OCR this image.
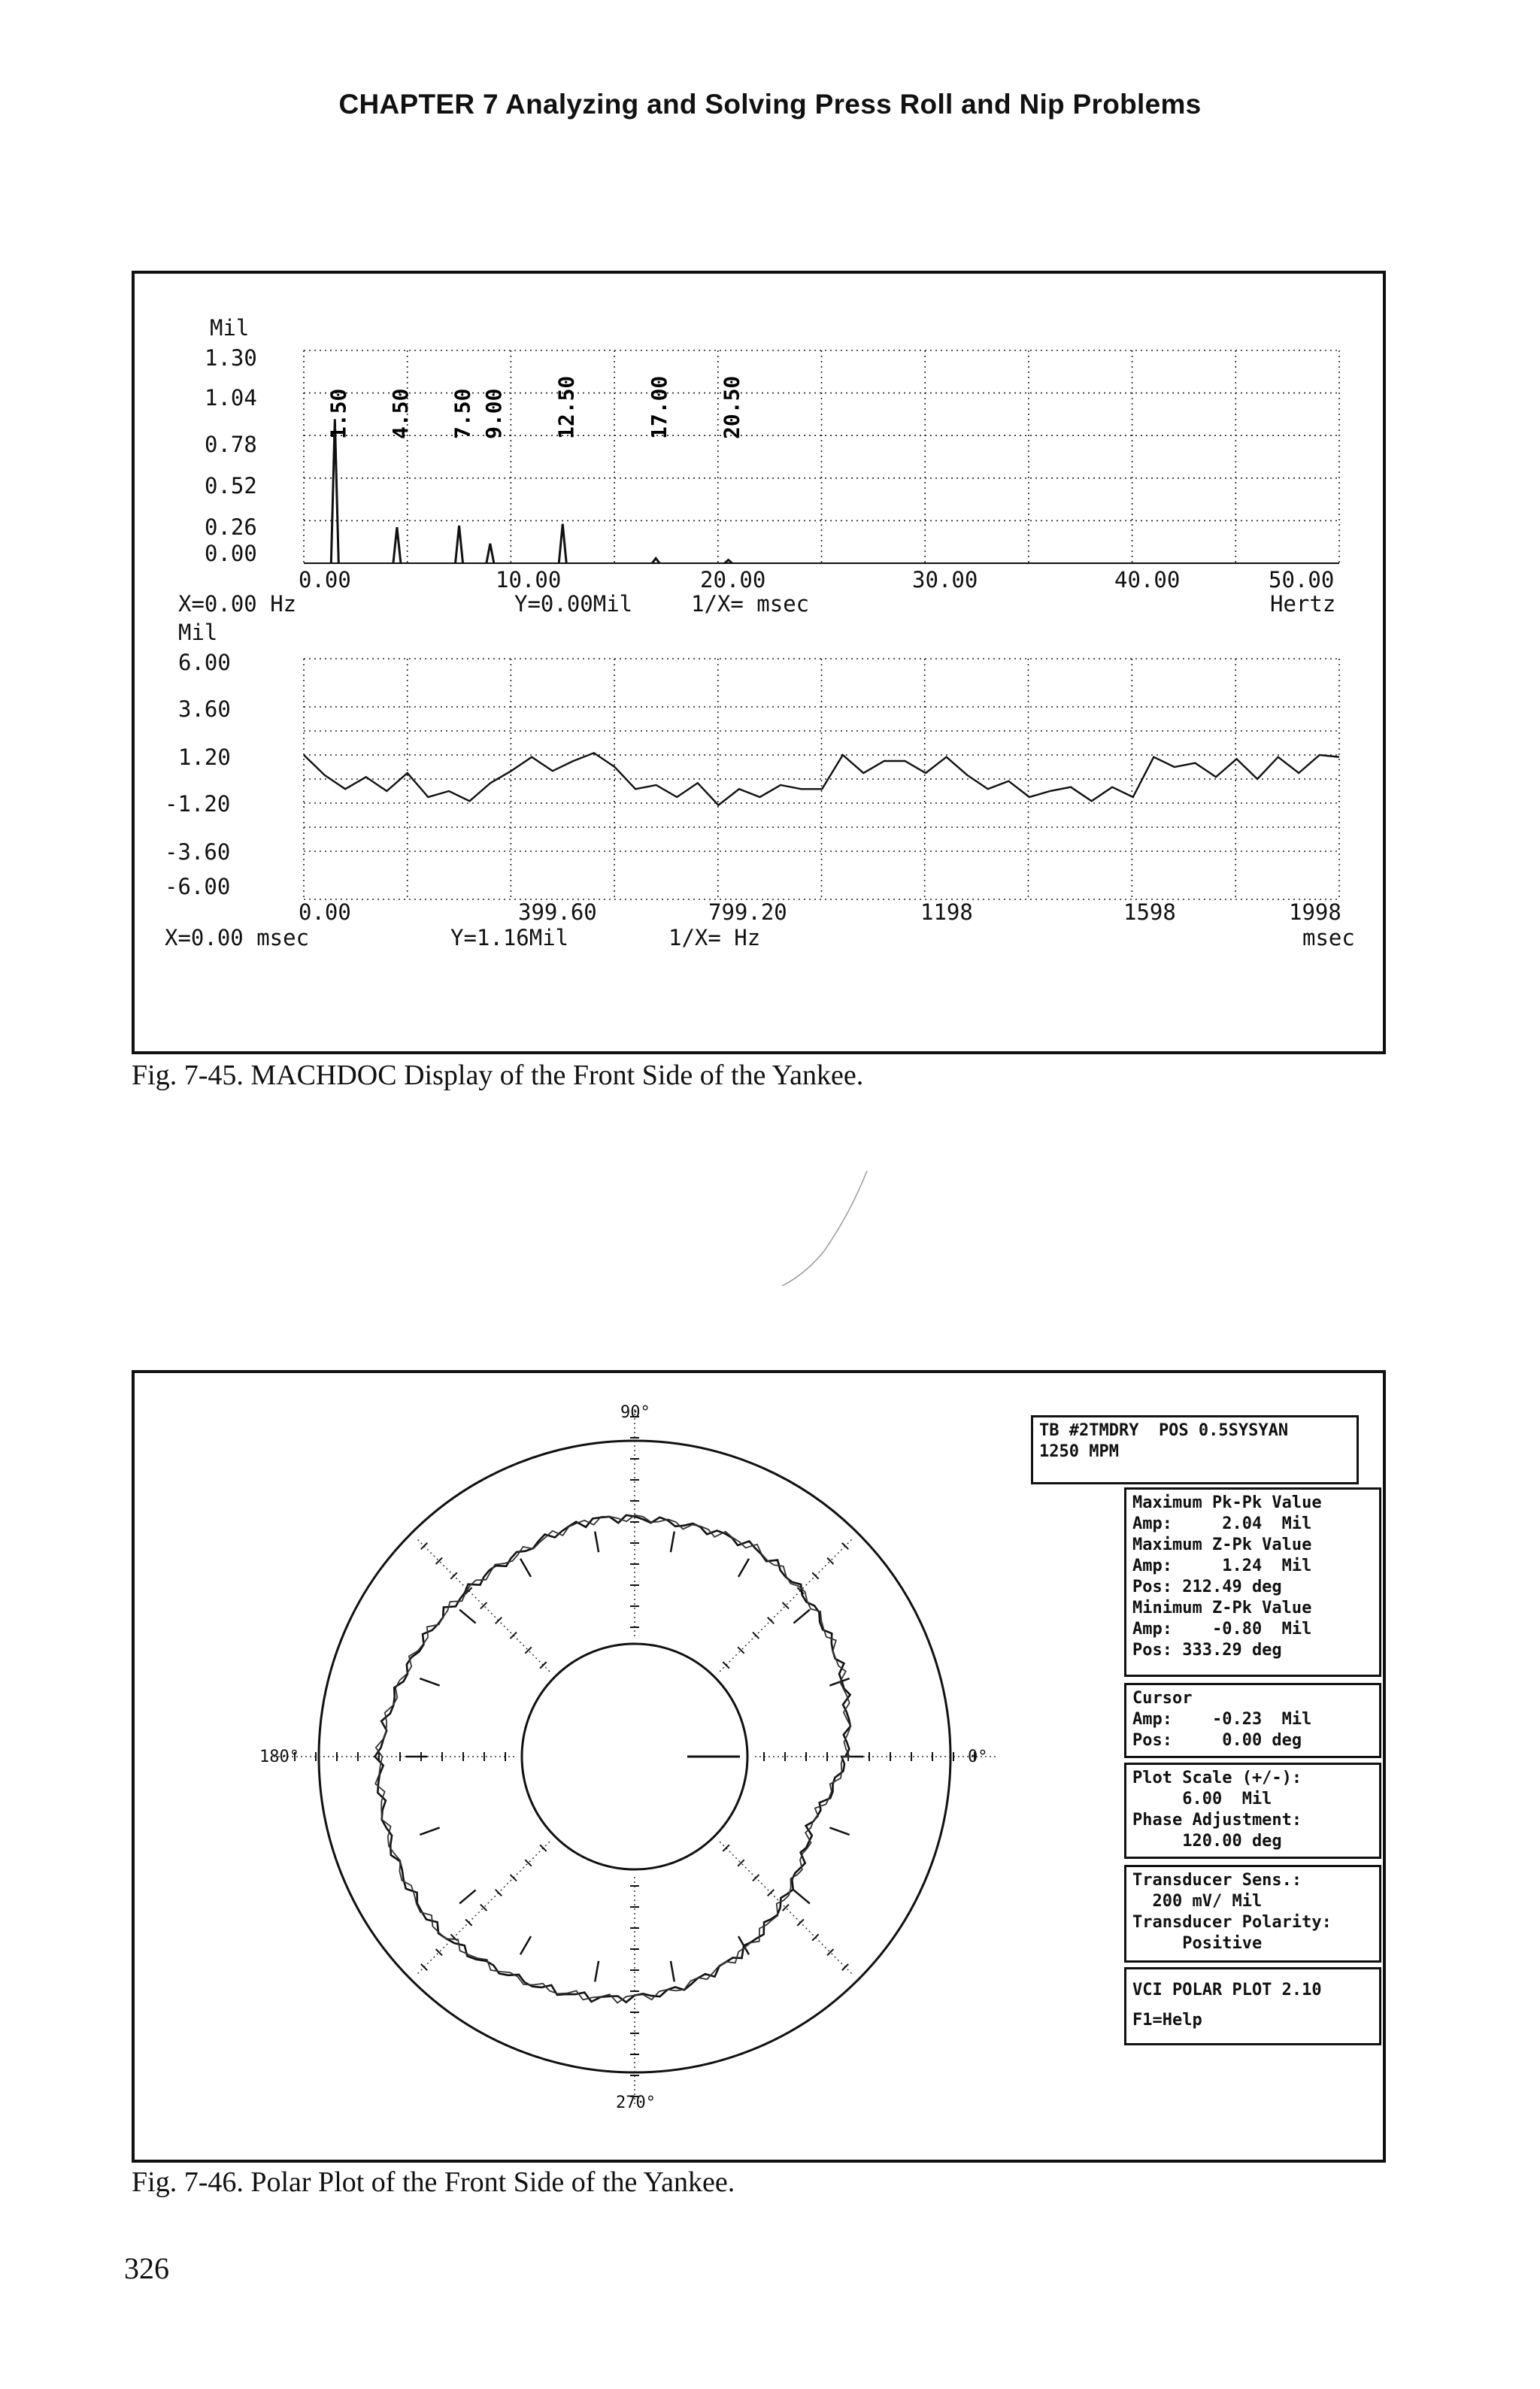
CHAPTER 7 Analyzing and Solving Press Roll and Nip Problems
1.50 4.50 7.50 9.00 12.50	17.00 20.50
Mil
1.30
1.04
0.78
0.52
0.26
0.00
0.00	10.00	20.00	30.00	40.00	50.00
X=0.00 Hz	Y=0.00Mil	1/X= msec	Hertz
Mil
6.00
3.60
1.20
-1.20
-3.60
-6.00
0.00	399.60	799.20	1198	1598	1998
X=0.00 msec	Y=1.16Mil	1/X= Hz	msec
Fig. 7-45. MACHDOC Display of the Front Side of the Yankee.
90°
180°	0°
270°
TB #2TMDRY  POS 0.5SYSYAN
1250 MPM
Maximum Pk-Pk Value
Amp:     2.04  Mil
Maximum Z-Pk Value
Amp:     1.24  Mil
Pos: 212.49 deg
Minimum Z-Pk Value
Amp:    -0.80  Mil
Pos: 333.29 deg
Cursor
Amp:    -0.23  Mil
Pos:     0.00 deg
Plot Scale (+/-):
6.00  Mil
Phase Adjustment:
120.00 deg
Transducer Sens.:
200 mV/ Mil
Transducer Polarity:
Positive
VCI POLAR PLOT 2.10
F1=Help
Fig. 7-46. Polar Plot of the Front Side of the Yankee.
326
